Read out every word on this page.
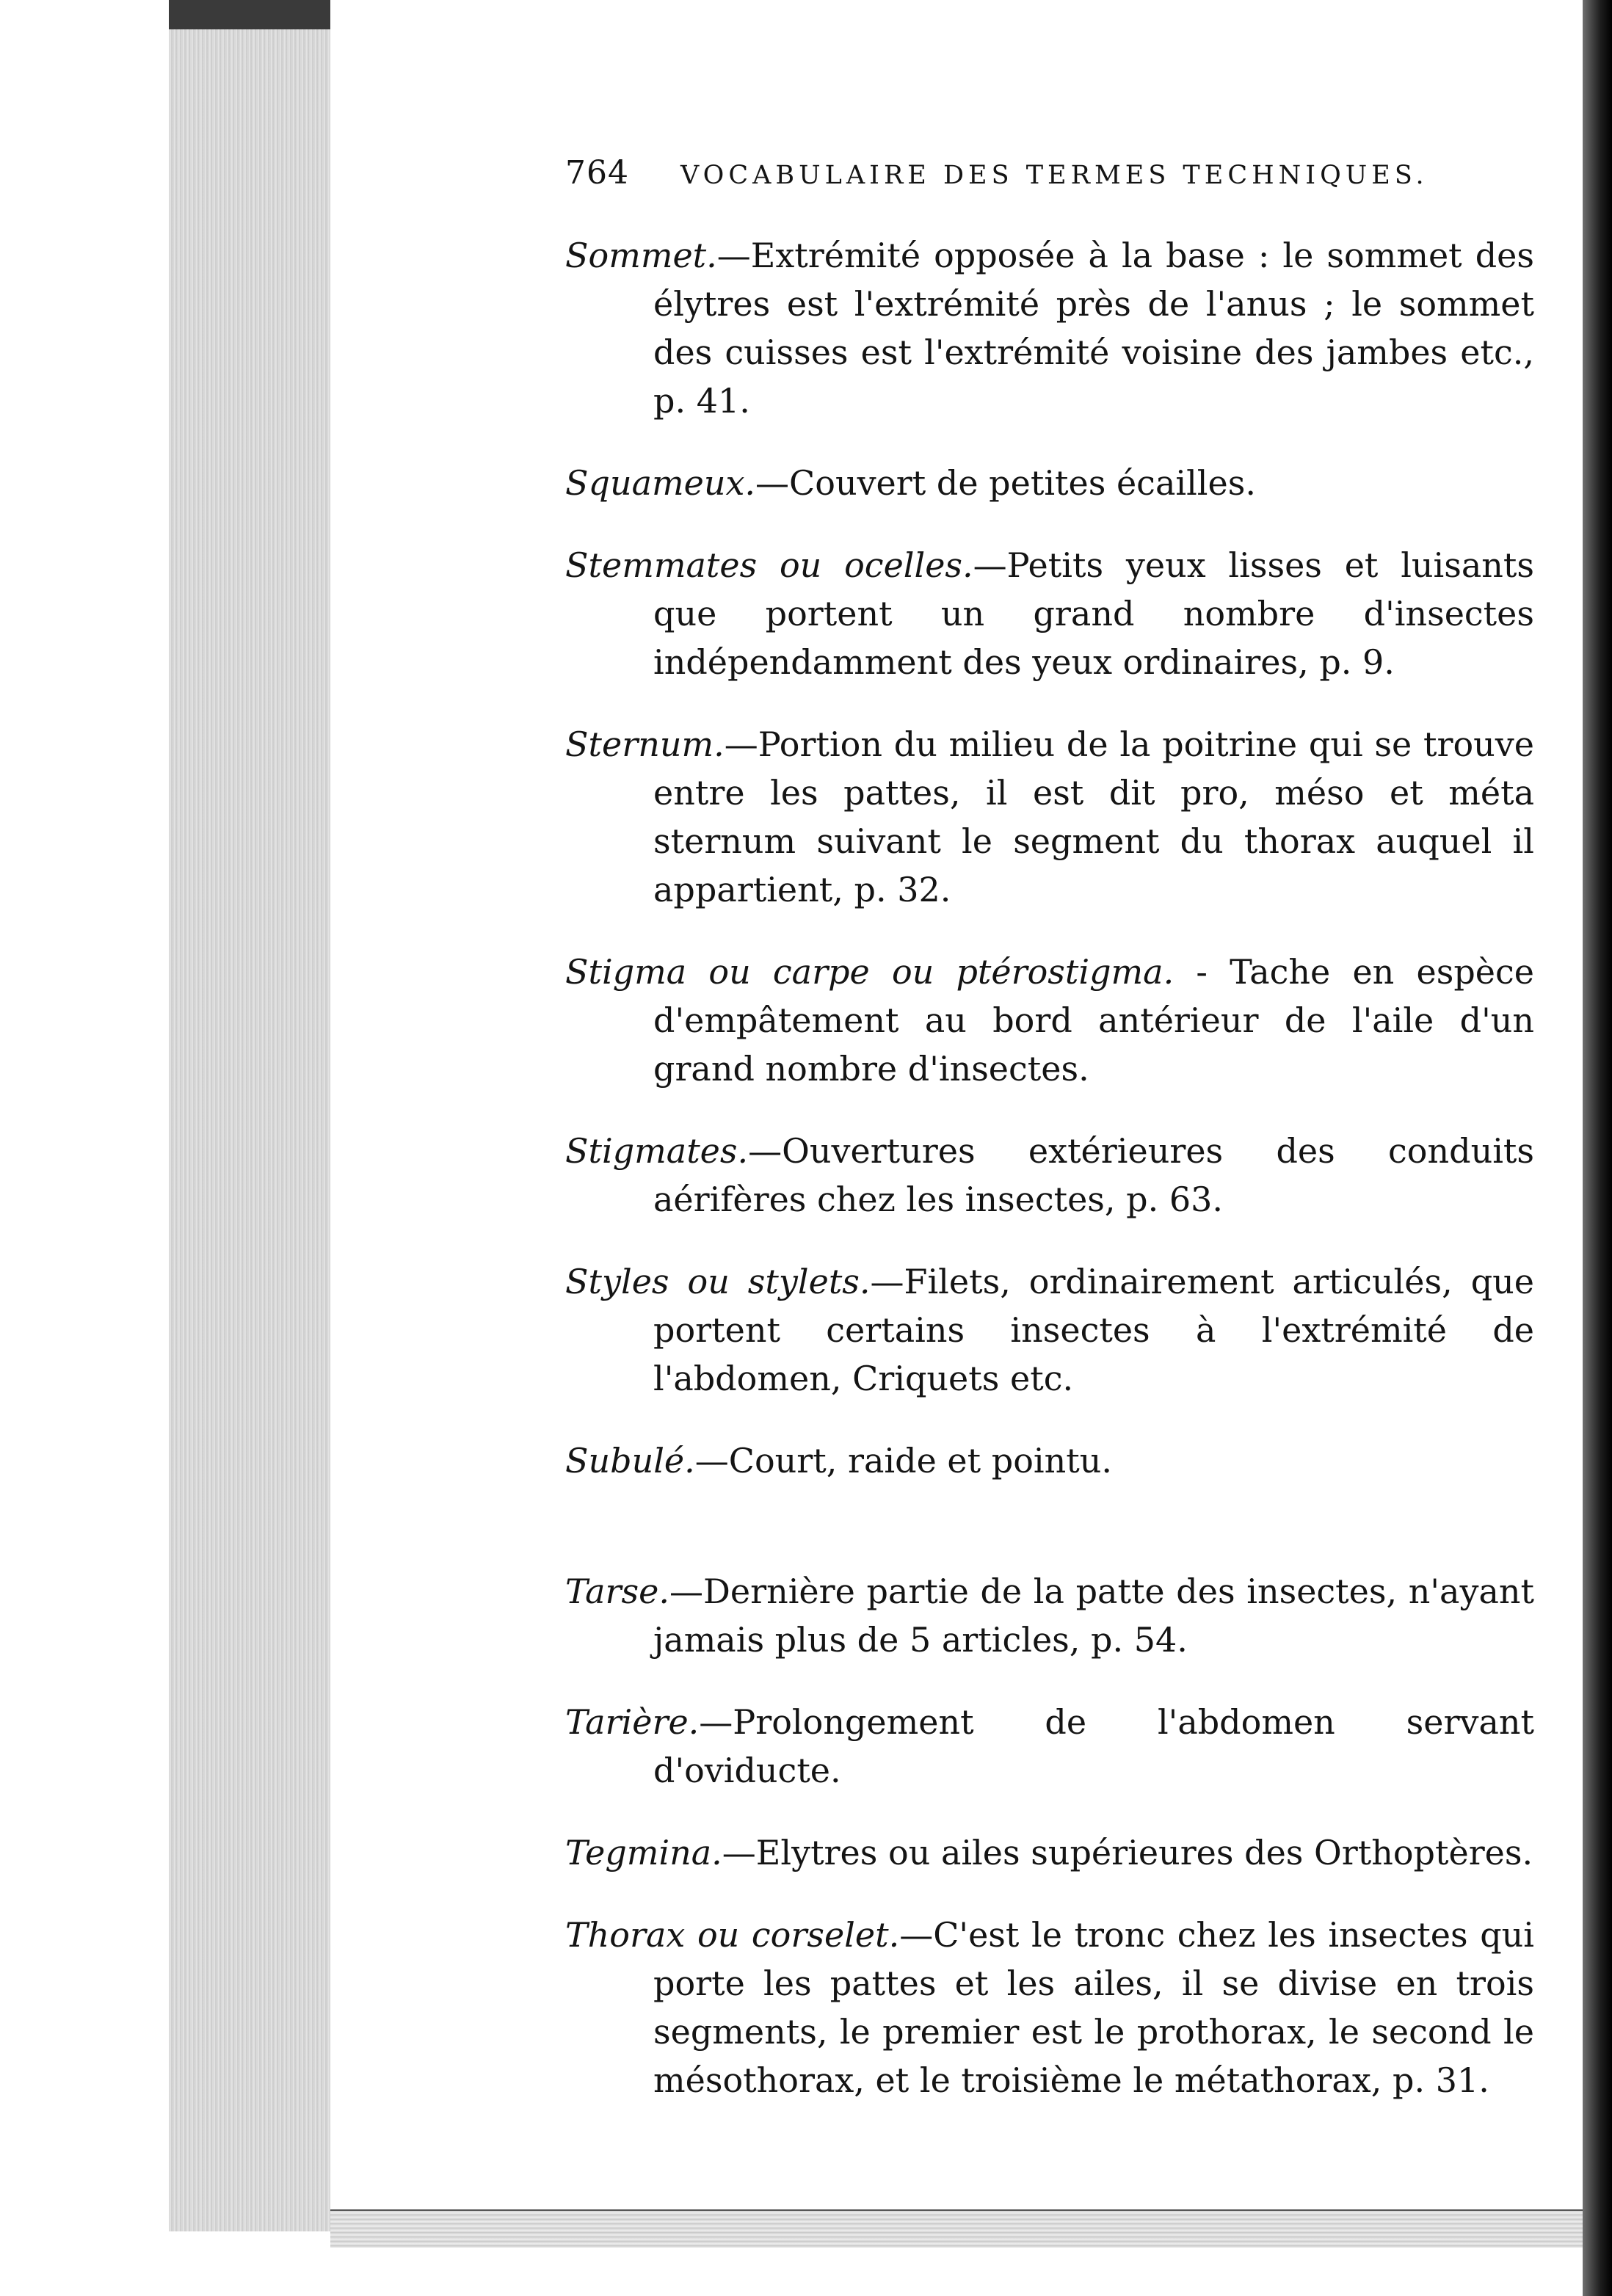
764 VOCABULAIRE DES TERMES TECHNIQUES.

Sommet.—Extrémité opposée à la base : le sommet des élytres est l'extrémité près de l'anus ; le sommet des cuisses est l'extrémité voisine des jambes etc., p. 41.

Squameux.—Couvert de petites écailles.

Stemmates ou ocelles.—Petits yeux lisses et luisants que portent un grand nombre d'insectes indépendamment des yeux ordinaires, p. 9.

Sternum.—Portion du milieu de la poitrine qui se trouve entre les pattes, il est dit pro, méso et méta sternum suivant le segment du thorax auquel il appartient, p. 32.

Stigma ou carpe ou ptérostigma. - Tache en espèce d'empâtement au bord antérieur de l'aile d'un grand nombre d'insectes.

Stigmates.—Ouvertures extérieures des conduits aérifères chez les insectes, p. 63.

Styles ou stylets.—Filets, ordinairement articulés, que portent certains insectes à l'extrémité de l'abdomen, Criquets etc.

Subulé.—Court, raide et pointu.

Tarse.—Dernière partie de la patte des insectes, n'ayant jamais plus de 5 articles, p. 54.

Tarière.—Prolongement de l'abdomen servant d'oviducte.

Tegmina.—Elytres ou ailes supérieures des Orthoptères.

Thorax ou corselet.—C'est le tronc chez les insectes qui porte les pattes et les ailes, il se divise en trois segments, le premier est le prothorax, le second le mésothorax, et le troisième le métathorax, p. 31.
